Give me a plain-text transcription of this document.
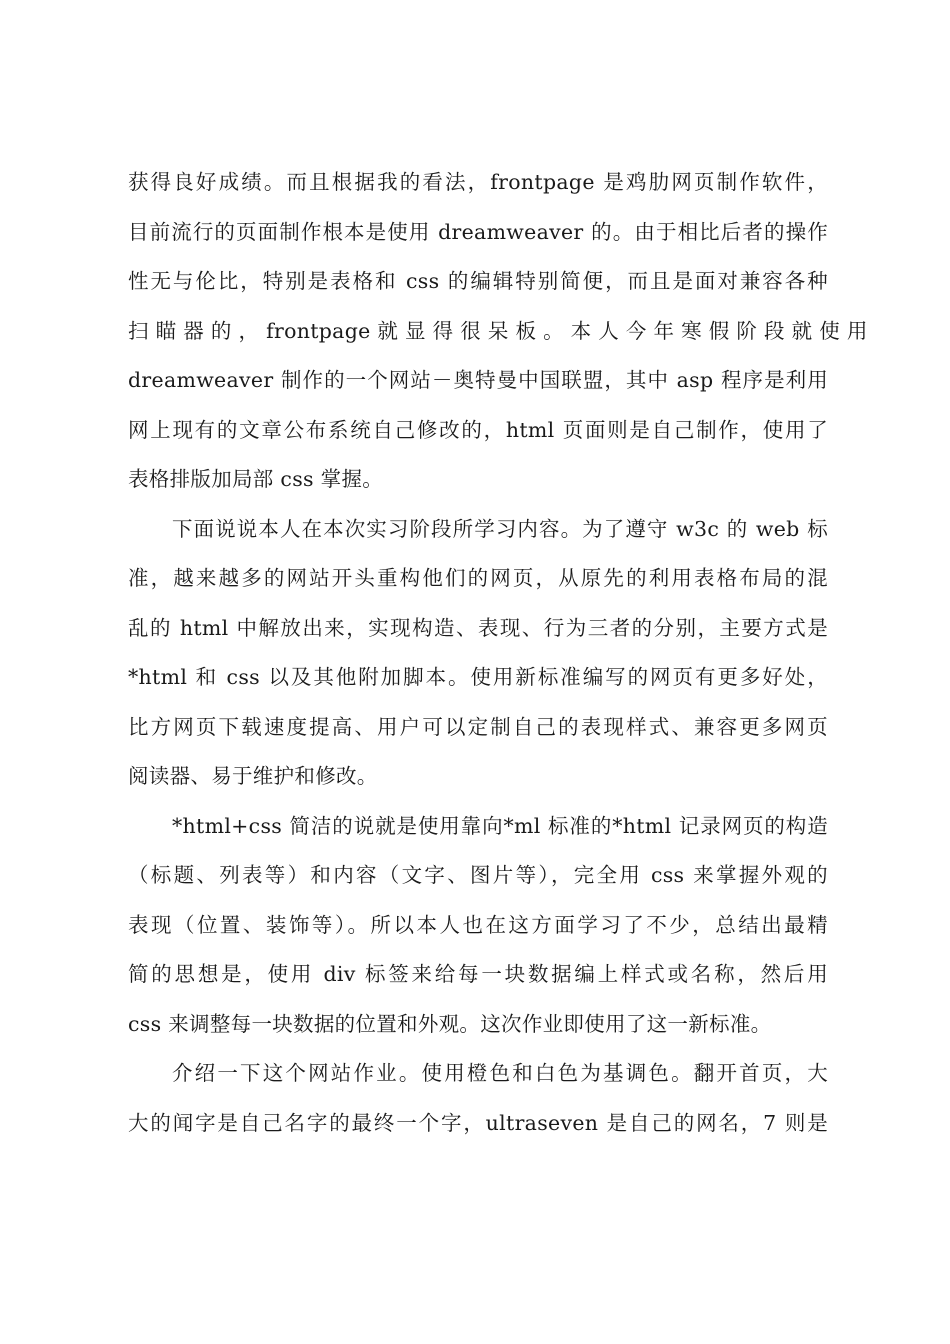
获得良好成绩。而且根据我的看法，frontpage 是鸡肋网页制作软件，
目前流行的页面制作根本是使用 dreamweaver 的。由于相比后者的操作
性无与伦比，特别是表格和 css 的编辑特别简便，而且是面对兼容各种
扫 瞄 器 的 ， frontpage 就 显 得 很 呆 板 。 本 人 今 年 寒 假 阶 段 就 使 用
dreamweaver 制作的一个网站－奥特曼中国联盟，其中 asp 程序是利用
网上现有的文章公布系统自己修改的，html 页面则是自己制作，使用了
表格排版加局部 css 掌握。
下面说说本人在本次实习阶段所学习内容。为了遵守 w3c 的 web 标
准，越来越多的网站开头重构他们的网页，从原先的利用表格布局的混
乱的 html 中解放出来，实现构造、表现、行为三者的分别，主要方式是
*html 和 css 以及其他附加脚本。使用新标准编写的网页有更多好处，
比方网页下载速度提高、用户可以定制自己的表现样式、兼容更多网页
阅读器、易于维护和修改。
*html+css 简洁的说就是使用靠向*ml 标准的*html 记录网页的构造
（标题、列表等）和内容（文字、图片等），完全用 css 来掌握外观的
表现（位置、装饰等）。所以本人也在这方面学习了不少，总结出最精
简的思想是，使用 div 标签来给每一块数据编上样式或名称，然后用
css 来调整每一块数据的位置和外观。这次作业即使用了这一新标准。
介绍一下这个网站作业。使用橙色和白色为基调色。翻开首页，大
大的闻字是自己名字的最终一个字，ultraseven 是自己的网名，7 则是
